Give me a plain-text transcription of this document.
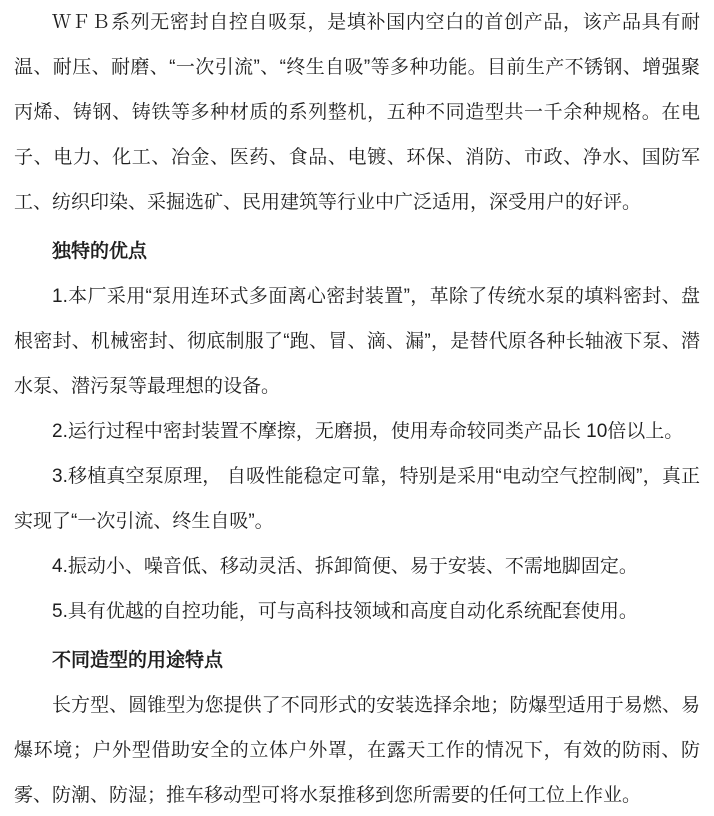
ＷＦＢ系列无密封自控自吸泵，是填补国内空白的首创产品，该产品具有耐温、耐压、耐磨、“一次引流”、“终生自吸”等多种功能。目前生产不锈钢、增强聚丙烯、铸钢、铸铁等多种材质的系列整机，五种不同造型共一千余种规格。在电子、电力、化工、冶金、医药、食品、电镀、环保、消防、市政、净水、国防军工、纺织印染、采掘选矿、民用建筑等行业中广泛适用，深受用户的好评。

独特的优点

1.本厂采用“泵用连环式多面离心密封装置”，革除了传统水泵的填料密封、盘根密封、机械密封、彻底制服了“跑、冒、滴、漏”，是替代原各种长轴液下泵、潜水泵、潜污泵等最理想的设备。

2.运行过程中密封装置不摩擦，无磨损，使用寿命较同类产品长 10倍以上。

3.移植真空泵原理， 自吸性能稳定可靠，特别是采用“电动空气控制阀”，真正实现了“一次引流、终生自吸”。

4.振动小、噪音低、移动灵活、拆卸简便、易于安装、不需地脚固定。

5.具有优越的自控功能，可与高科技领域和高度自动化系统配套使用。

不同造型的用途特点

长方型、圆锥型为您提供了不同形式的安装选择余地；防爆型适用于易燃、易爆环境；户外型借助安全的立体户外罩，在露天工作的情况下，有效的防雨、防雾、防潮、防湿；推车移动型可将水泵推移到您所需要的任何工位上作业。
